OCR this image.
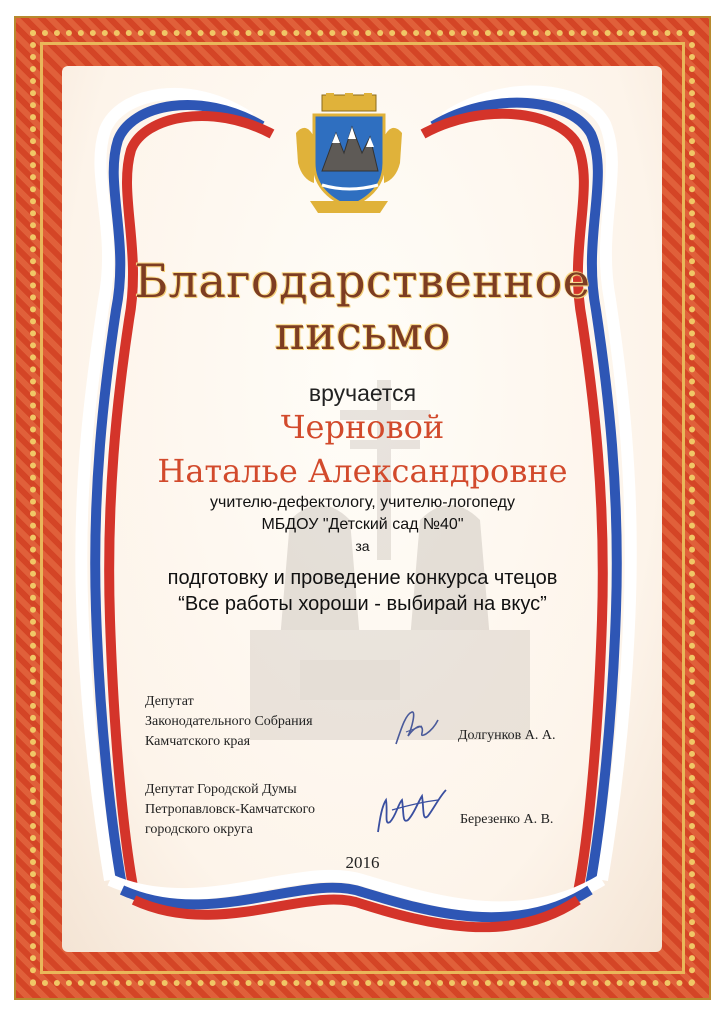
Благодарственное
письмо
вручается
Черновой
Наталье Александровне
учителю-дефектологу, учителю-логопеду
МБДОУ "Детский сад №40"
за
подготовку и проведение конкурса чтецов
“Все работы хороши - выбирай на вкус”
Депутат
Законодательного Собрания
Камчатского края	Долгунков А. А.
Депутат Городской Думы
Петропавловск-Камчатского
городского округа
Березенко А. В.
2016
